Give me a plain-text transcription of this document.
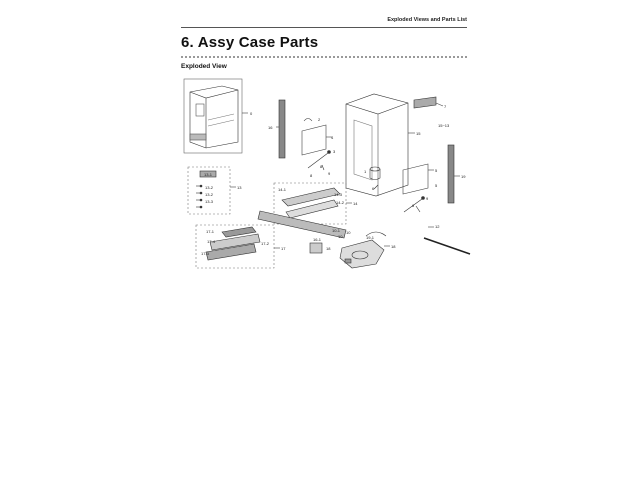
Exploded Views and Parts List
6. Assy Case Parts
Exploded View
0
16
2
4
3
8
9
8
7
15~13
15
5
5
19
1
6
9
8
12
13-1
13-2
13-2
13-3
13	14-1
14-3
14-2 14
10-1
10
10
17-1
17-4	17-2
17-3
17
16-1
18
19-1
18
